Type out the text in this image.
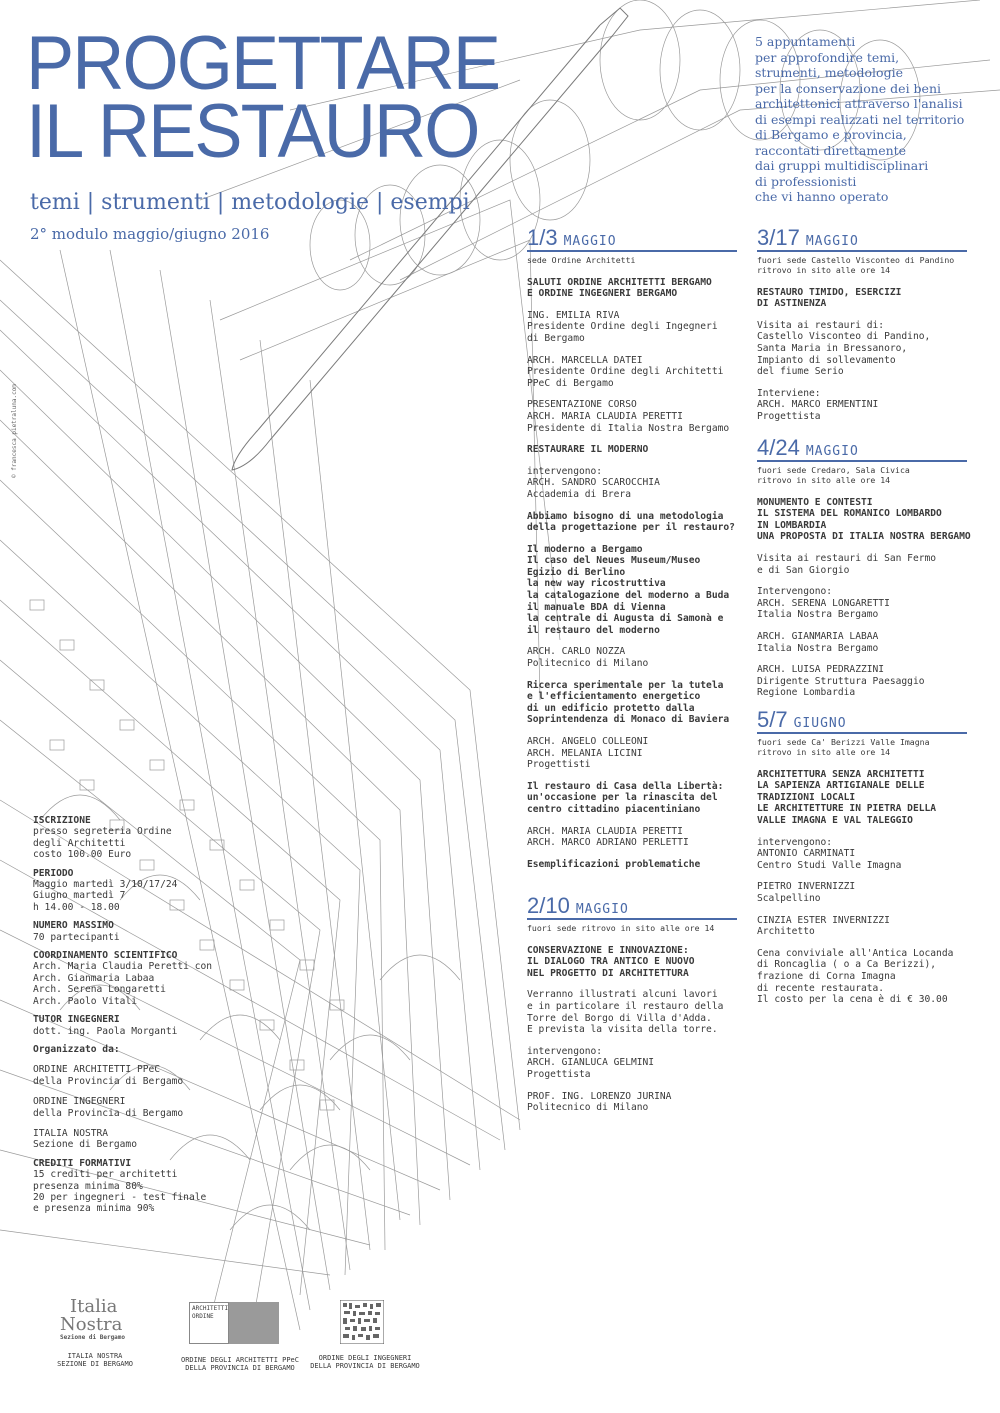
PROGETTARE
IL RESTAURO
temi | strumenti | metodologie | esempi
2° modulo maggio/giugno 2016
5 appuntamenti
per approfondire temi,
strumenti, metodologie
per la conservazione dei beni
architettonici attraverso l'analisi
di esempi realizzati nel territorio
di Bergamo e provincia,
raccontati direttamente
dai gruppi multidisciplinari
di professionisti
che vi hanno operato
© francesca pietraluna.com
1/3 MAGGIO
sede Ordine Architetti
SALUTI ORDINE ARCHITETTI BERGAMO
E ORDINE INGEGNERI BERGAMO
ING. EMILIA RIVA
Presidente Ordine degli Ingegneri
di Bergamo
ARCH. MARCELLA DATEI
Presidente Ordine degli Architetti
PPeC di Bergamo
PRESENTAZIONE CORSO
ARCH. MARIA CLAUDIA PERETTI
Presidente di Italia Nostra Bergamo
RESTAURARE IL MODERNO
intervengono:
ARCH. SANDRO SCAROCCHIA
Accademia di Brera
Abbiamo bisogno di una metodologia
della progettazione per il restauro?
Il moderno a Bergamo
Il caso del Neues Museum/Museo
Egizio di Berlino
la new way ricostruttiva
la catalogazione del moderno a Buda
il manuale BDA di Vienna
la centrale di Augusta di Samonà e
il restauro del moderno
ARCH. CARLO NOZZA
Politecnico di Milano
Ricerca sperimentale per la tutela
e l'efficientamento energetico
di un edificio protetto dalla
Soprintendenza di Monaco di Baviera
ARCH. ANGELO COLLEONI
ARCH. MELANIA LICINI
Progettisti
Il restauro di Casa della Libertà:
un'occasione per la rinascita del
centro cittadino piacentiniano
ARCH. MARIA CLAUDIA PERETTI
ARCH. MARCO ADRIANO PERLETTI
Esemplificazioni problematiche
2/10 MAGGIO
fuori sede ritrovo in sito alle ore 14
CONSERVAZIONE E INNOVAZIONE:
IL DIALOGO TRA ANTICO E NUOVO
NEL PROGETTO DI ARCHITETTURA
Verranno illustrati alcuni lavori
e in particolare il restauro della
Torre del Borgo di Villa d'Adda.
E prevista la visita della torre.
intervengono:
ARCH. GIANLUCA GELMINI
Progettista
PROF. ING. LORENZO JURINA
Politecnico di Milano
3/17 MAGGIO
fuori sede Castello Visconteo di Pandino
ritrovo in sito alle ore 14
RESTAURO TIMIDO, ESERCIZI
DI ASTINENZA
Visita ai restauri di:
Castello Visconteo di Pandino,
Santa Maria in Bressanoro,
Impianto di sollevamento
del fiume Serio
Interviene:
ARCH. MARCO ERMENTINI
Progettista
4/24 MAGGIO
fuori sede Credaro, Sala Civica
ritrovo in sito alle ore 14
MONUMENTO E CONTESTI
IL SISTEMA DEL ROMANICO LOMBARDO
IN LOMBARDIA
UNA PROPOSTA DI ITALIA NOSTRA BERGAMO
Visita ai restauri di San Fermo
e di San Giorgio
Intervengono:
ARCH. SERENA LONGARETTI
Italia Nostra Bergamo
ARCH. GIANMARIA LABAA
Italia Nostra Bergamo
ARCH. LUISA PEDRAZZINI
Dirigente Struttura Paesaggio
Regione Lombardia
5/7 GIUGNO
fuori sede Ca' Berizzi Valle Imagna
ritrovo in sito alle ore 14
ARCHITETTURA SENZA ARCHITETTI
LA SAPIENZA ARTIGIANALE DELLE
TRADIZIONI LOCALI
LE ARCHITETTURE IN PIETRA DELLA
VALLE IMAGNA E VAL TALEGGIO
intervengono:
ANTONIO CARMINATI
Centro Studi Valle Imagna
PIETRO INVERNIZZI
Scalpellino
CINZIA ESTER INVERNIZZI
Architetto
Cena conviviale all'Antica Locanda
di Roncaglia ( o a Ca Berizzi),
frazione di Corna Imagna
di recente restaurata.
Il costo per la cena è di € 30.00
ISCRIZIONE
presso segreteria Ordine
degli Architetti
costo 100.00 Euro
PERIODO
Maggio martedì 3/10/17/24
Giugno martedì 7
h 14.00 - 18.00
NUMERO MASSIMO
70 partecipanti
COORDINAMENTO SCIENTIFICO
Arch. Maria Claudia Peretti con
Arch. Gianmaria Labaa
Arch. Serena Longaretti
Arch. Paolo Vitali
TUTOR INGEGNERI
dott. ing. Paola Morganti
Organizzato da:
ORDINE ARCHITETTI PPeC
della Provincia di Bergamo
ORDINE INGEGNERI
della Provincia di Bergamo
ITALIA NOSTRA
Sezione di Bergamo
CREDITI FORMATIVI
15 crediti per architetti
presenza minima 80%
20 per ingegneri - test finale
e presenza minima 90%
Italia
Nostra
Sezione di Bergamo
ITALIA NOSTRA
SEZIONE DI BERGAMO
ARCHITETTI ORDINE
ORDINE DEGLI ARCHITETTI PPeC
DELLA PROVINCIA DI BERGAMO
ORDINE DEGLI INGEGNERI
DELLA PROVINCIA DI BERGAMO
